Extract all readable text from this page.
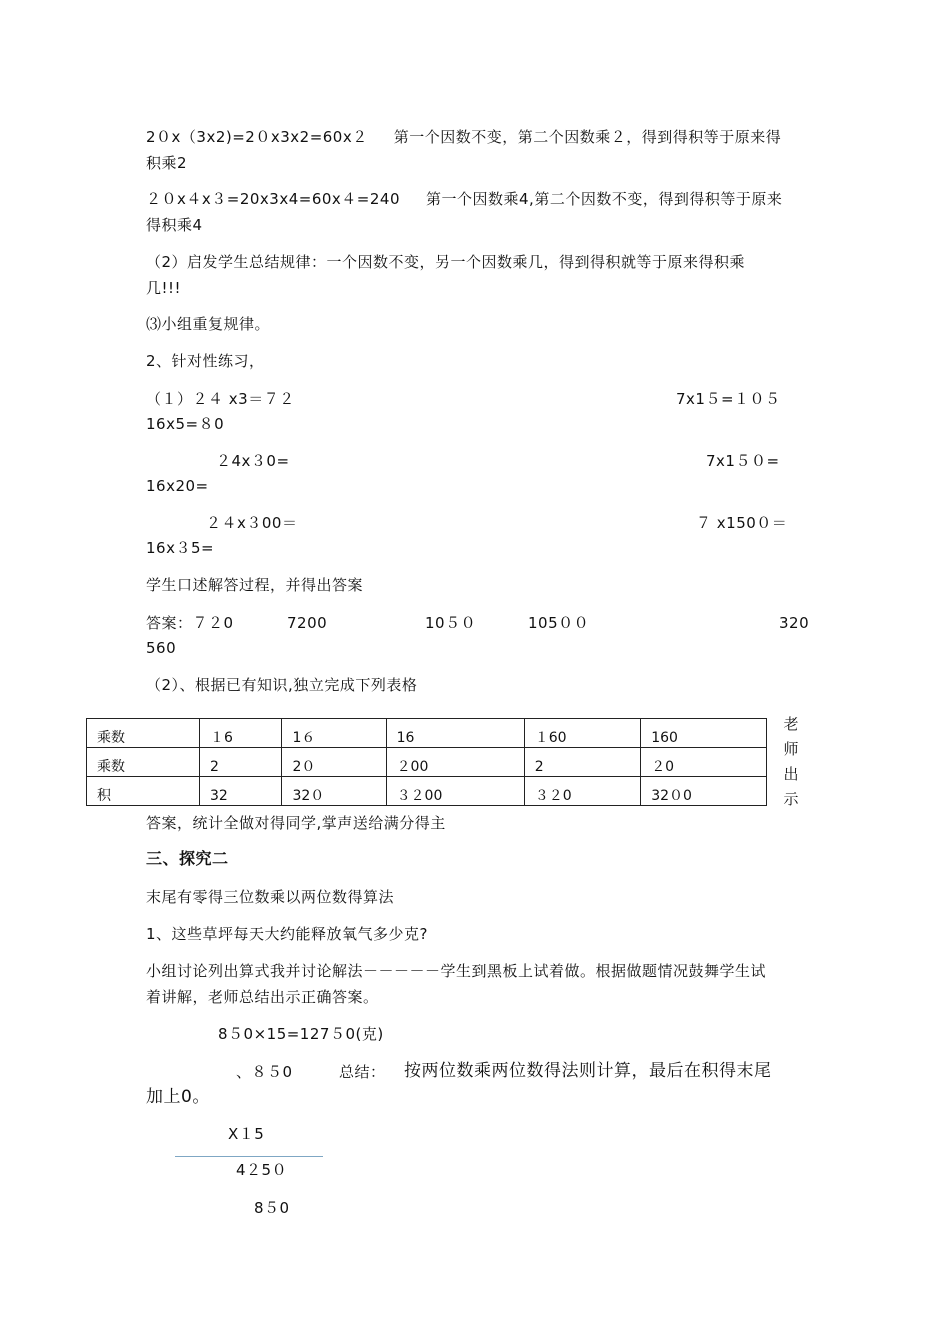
2０x（3x2)=2０x3x2=60x２　  第一个因数不变，第二个因数乘２，得到得积等于原来得
积乘2
２０x４x３=20x3x4=60x４=240 　 第一个因数乘4,第二个因数不变，得到得积等于原来
得积乘4
（2）启发学生总结规律：一个因数不变，另一个因数乘几，得到得积就等于原来得积乘
几!!!
⑶小组重复规律。
2、针对性练习，
（１）２４ x3＝７２	7x1５=１０５
16x5=８0
２4x３0=	7x1５０=
16x20=
２４x３00＝	７ x150０＝
16x３5=
学生口述解答过程，并得出答案
答案：７２0	7200	10５０	105００	320
560
（2）、根据已有知识,独立完成下列表格
乘数	１6	1６	16	１60	160
乘数	2	2０	２00	2	２0
积	32	32０	３２00	３２0	32０0
老
师
出
示
答案，统计全做对得同学,掌声送给满分得主
三、探究二
末尾有零得三位数乘以两位数得算法
1、这些草坪每天大约能释放氧气多少克?
小组讨论列出算式我并讨论解法－－－－－学生到黑板上试着做。根据做题情况鼓舞学生试
着讲解，老师总结出示正确答案。
8５0×15=127５0(克)
、８５0	总结： 按两位数乘两位数得法则计算，最后在积得末尾
加上0。
X１5
4２5０
8５0
